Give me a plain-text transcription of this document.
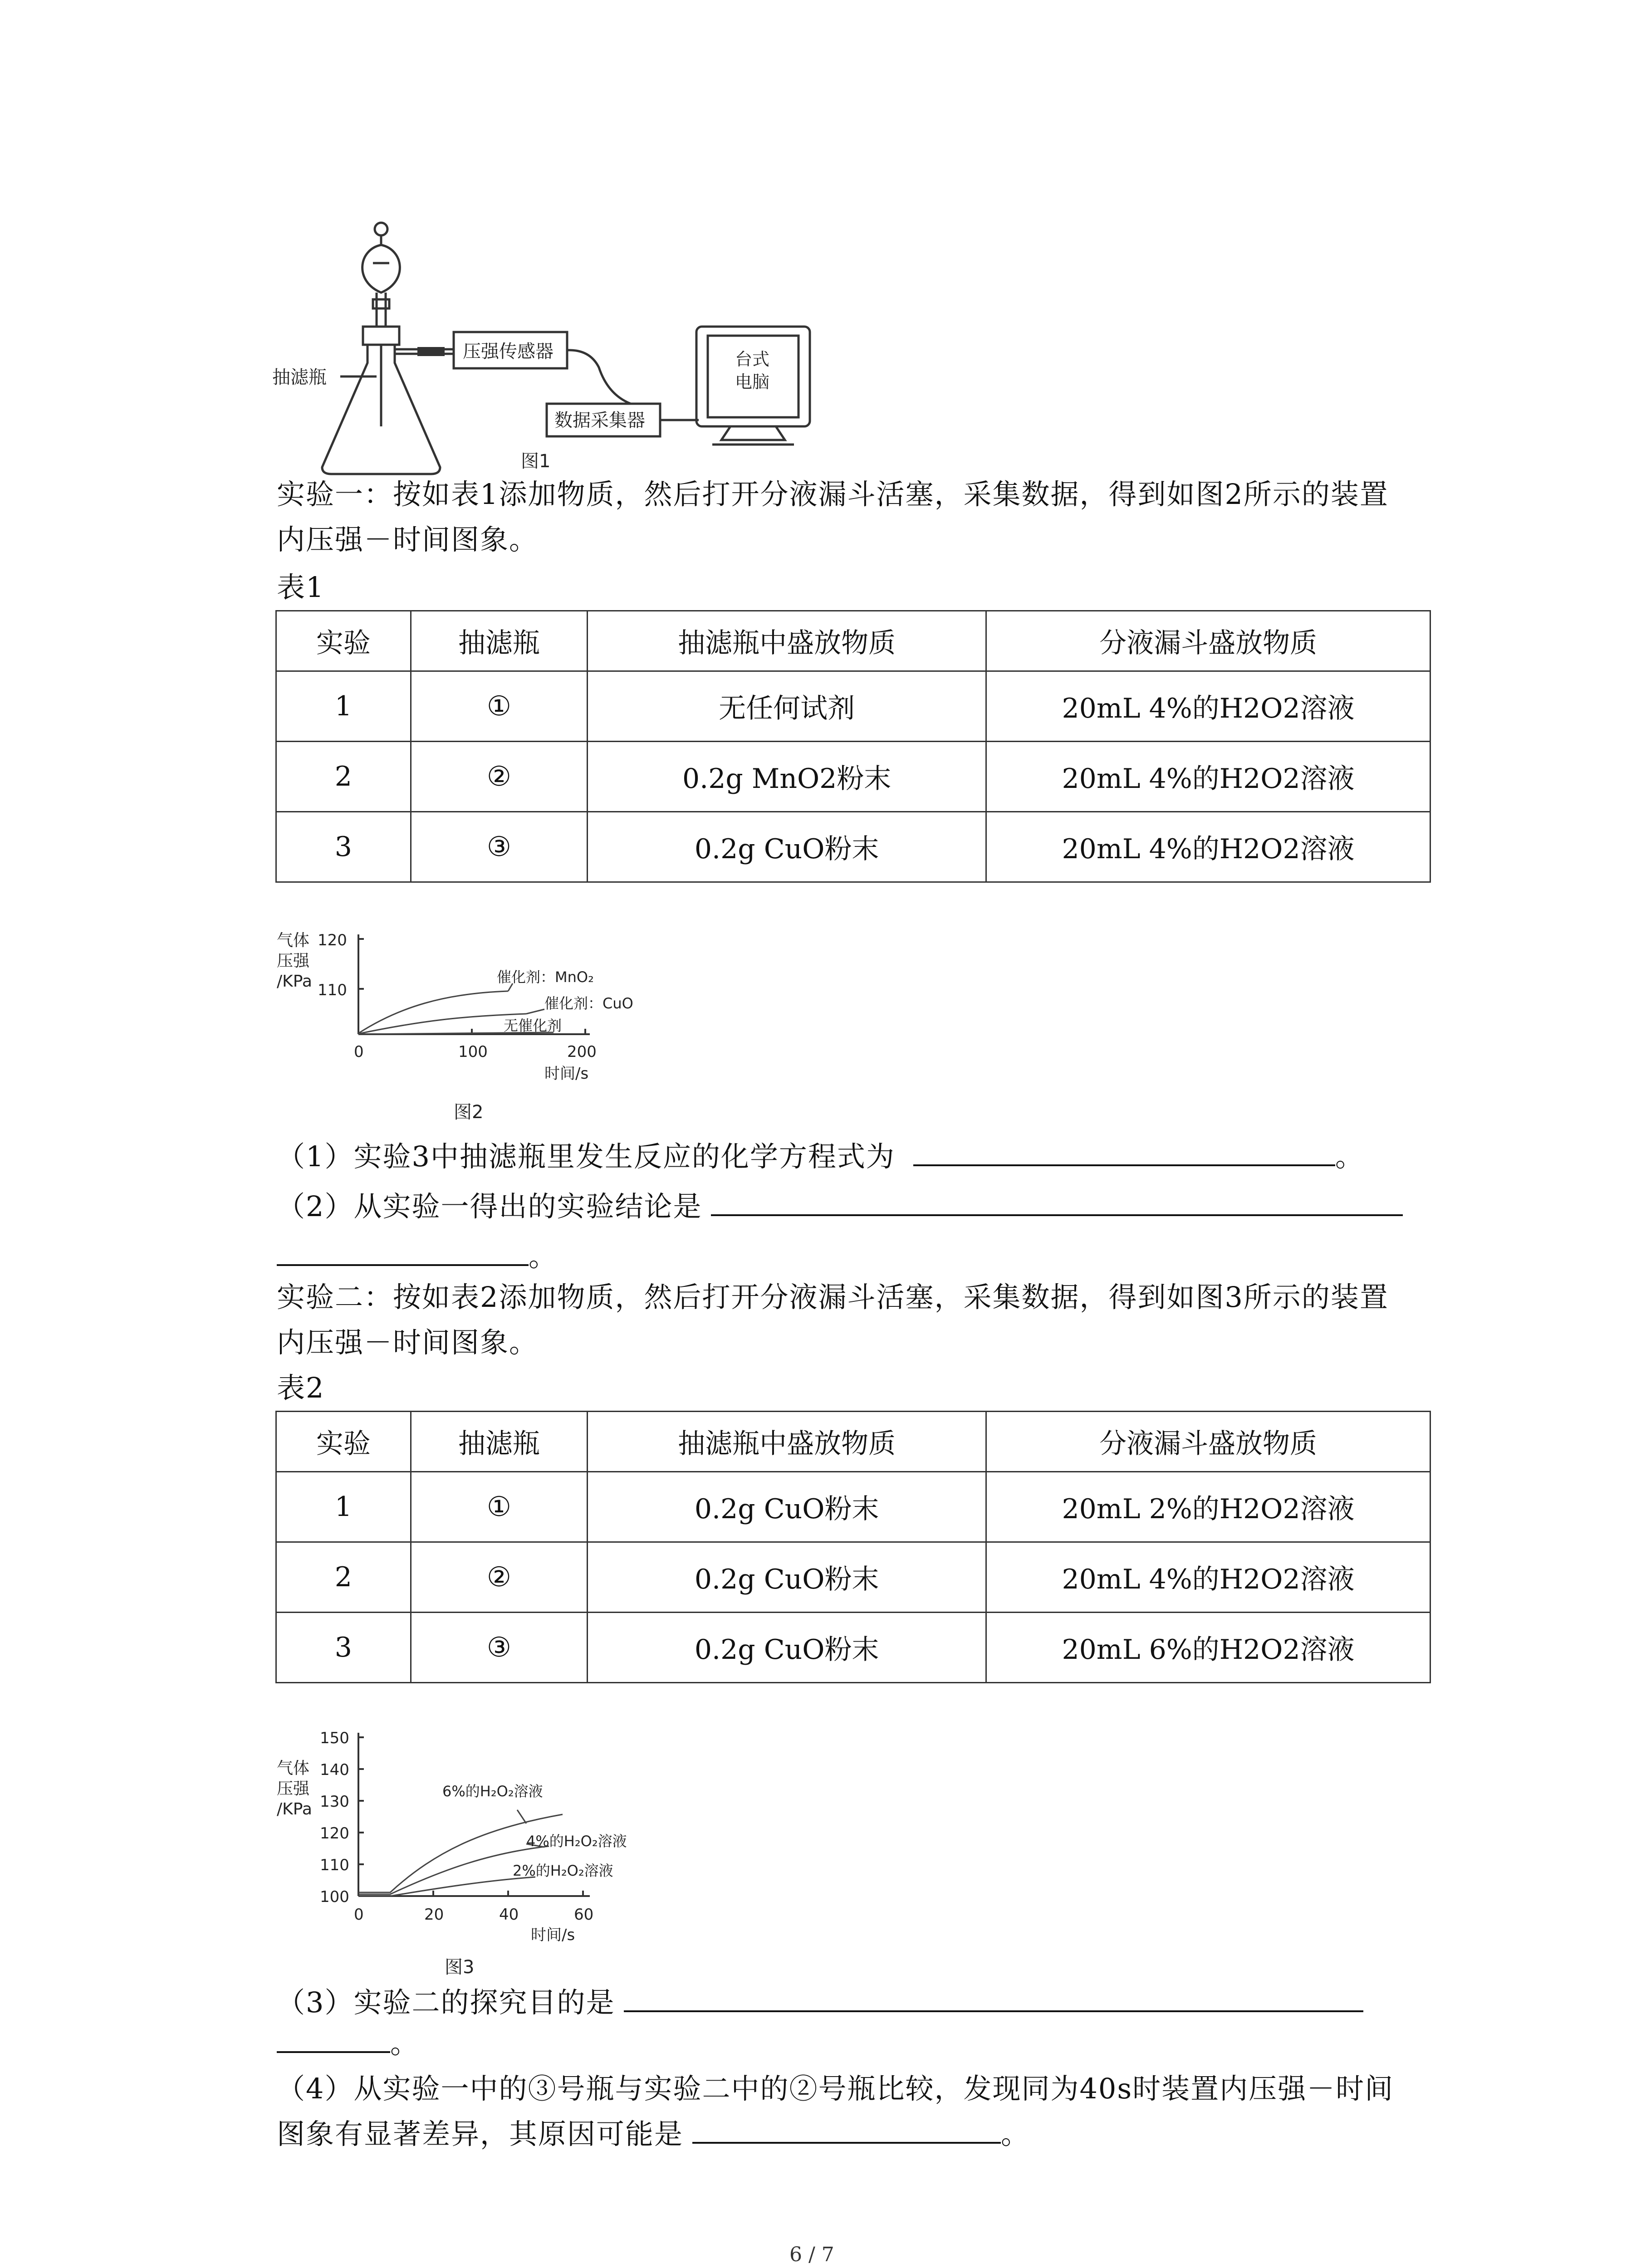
抽滤瓶
压强传感器
数据采集器
台式
电脑
图1
实验一：按如表1添加物质，然后打开分液漏斗活塞，采集数据，得到如图2所示的装置
内压强－时间图象。
表1
实验	抽滤瓶	抽滤瓶中盛放物质	分液漏斗盛放物质
1	①	无任何试剂	20mL 4%的H2O2溶液
2	②	0.2g MnO2粉末	20mL 4%的H2O2溶液
3	③	0.2g CuO粉末	20mL 4%的H2O2溶液
气体
压强
/KPa
120
110
0	100	200
时间/s
催化剂：MnO₂
催化剂：CuO
无催化剂
图2
（1）实验3中抽滤瓶里发生反应的化学方程式为	。
（2）从实验一得出的实验结论是
。
实验二：按如表2添加物质，然后打开分液漏斗活塞，采集数据，得到如图3所示的装置
内压强－时间图象。
表2
实验	抽滤瓶	抽滤瓶中盛放物质	分液漏斗盛放物质
1	①	0.2g CuO粉末	20mL 2%的H2O2溶液
2	②	0.2g CuO粉末	20mL 4%的H2O2溶液
3	③	0.2g CuO粉末	20mL 6%的H2O2溶液
气体
压强
/KPa
150
140
130
120
110
100
0	20	40	60
时间/s
6%的H₂O₂溶液
4%的H₂O₂溶液
2%的H₂O₂溶液
图3
（3）实验二的探究目的是
。
（4）从实验一中的③号瓶与实验二中的②号瓶比较，发现同为40s时装置内压强－时间
图象有显著差异，其原因可能是	。
6 / 7
